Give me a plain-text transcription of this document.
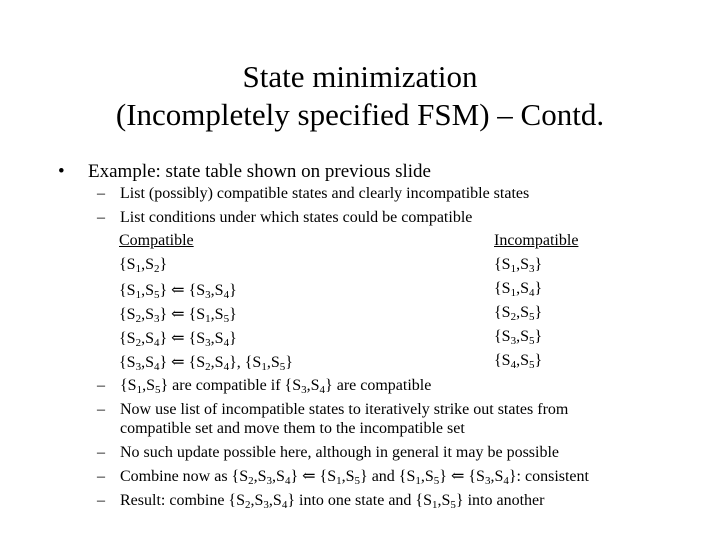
State minimization
(Incompletely specified FSM) – Contd.
• Example: state table shown on previous slide
– List (possibly) compatible states and clearly incompatible states
– List conditions under which states could be compatible
Compatible	Incompatible
$\{S_1,S_2\}$
$\{S_1,S_5\}$ ⇐ $\{S_3,S_4\}$
$\{S_2,S_3\}$ ⇐ $\{S_1,S_5\}$
$\{S_2,S_4\}$ ⇐ $\{S_3,S_4\}$
$\{S_3,S_4\}$ ⇐ $\{S_2,S_4\}$, $\{S_1,S_5\}$
$\{S_1,S_3\}$
$\{S_1,S_4\}$
$\{S_2,S_5\}$
$\{S_3,S_5\}$
$\{S_4,S_5\}$
– $\{S_1,S_5\}$ are compatible if $\{S_3,S_4\}$ are compatible
– Now use list of incompatible states to iteratively strike out states from
compatible set and move them to the incompatible set
– No such update possible here, although in general it may be possible
– Combine now as $\{S_2,S_3,S_4\}$ ⇐ $\{S_1,S_5\}$ and $\{S_1,S_5\}$ ⇐ $\{S_3,S_4\}$: consistent
– Result: combine $\{S_2,S_3,S_4\}$ into one state and $\{S_1,S_5\}$ into another
